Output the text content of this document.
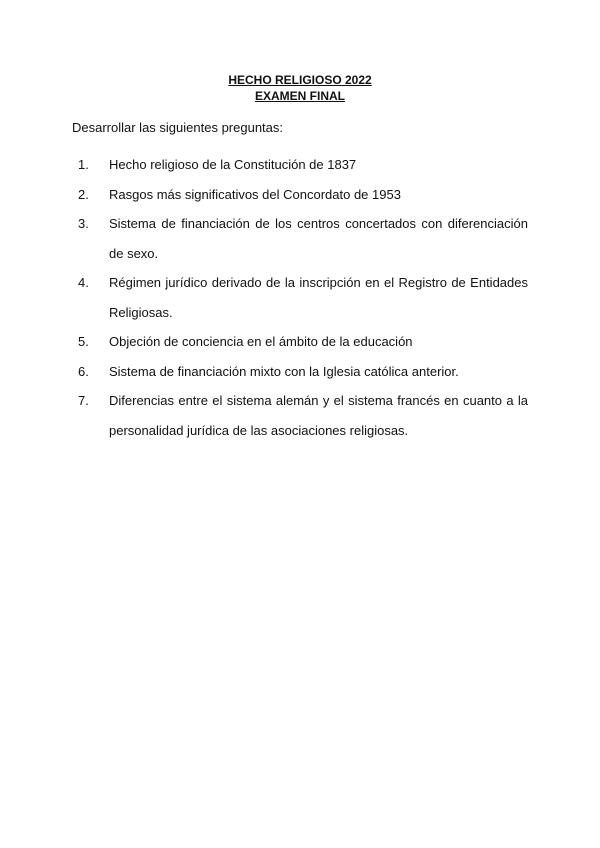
HECHO RELIGIOSO 2022
EXAMEN FINAL
Desarrollar las siguientes preguntas:
1. Hecho religioso de la Constitución de 1837
2. Rasgos más significativos del Concordato de 1953
3. Sistema de financiación de los centros concertados con diferenciación de sexo.
4. Régimen jurídico derivado de la inscripción en el Registro de Entidades Religiosas.
5. Objeción de conciencia en el ámbito de la educación
6. Sistema de financiación mixto con la Iglesia católica anterior.
7. Diferencias entre el sistema alemán y el sistema francés en cuanto a la personalidad jurídica de las asociaciones religiosas.
